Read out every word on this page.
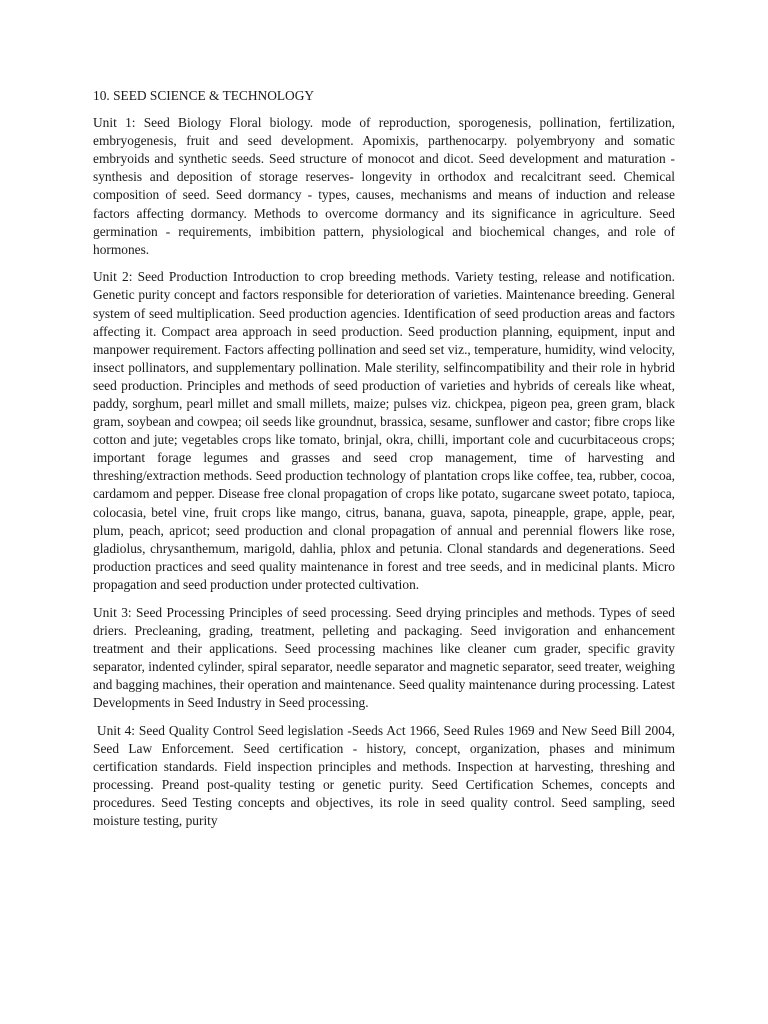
10. SEED SCIENCE & TECHNOLOGY

Unit 1: Seed Biology Floral biology. mode of reproduction, sporogenesis, pollination, fertilization, embryogenesis, fruit and seed development. Apomixis, parthenocarpy. polyembryony and somatic embryoids and synthetic seeds. Seed structure of monocot and dicot. Seed development and maturation - synthesis and deposition of storage reserves- longevity in orthodox and recalcitrant seed. Chemical composition of seed. Seed dormancy - types, causes, mechanisms and means of induction and release factors affecting dormancy. Methods to overcome dormancy and its significance in agriculture. Seed germination - requirements, imbibition pattern, physiological and biochemical changes, and role of hormones.

Unit 2: Seed Production Introduction to crop breeding methods. Variety testing, release and notification. Genetic purity concept and factors responsible for deterioration of varieties. Maintenance breeding. General system of seed multiplication. Seed production agencies. Identification of seed production areas and factors affecting it. Compact area approach in seed production. Seed production planning, equipment, input and manpower requirement. Factors affecting pollination and seed set viz., temperature, humidity, wind velocity, insect pollinators, and supplementary pollination. Male sterility, selfincompatibility and their role in hybrid seed production. Principles and methods of seed production of varieties and hybrids of cereals like wheat, paddy, sorghum, pearl millet and small millets, maize; pulses viz. chickpea, pigeon pea, green gram, black gram, soybean and cowpea; oil seeds like groundnut, brassica, sesame, sunflower and castor; fibre crops like cotton and jute; vegetables crops like tomato, brinjal, okra, chilli, important cole and cucurbitaceous crops; important forage legumes and grasses and seed crop management, time of harvesting and threshing/extraction methods. Seed production technology of plantation crops like coffee, tea, rubber, cocoa, cardamom and pepper. Disease free clonal propagation of crops like potato, sugarcane sweet potato, tapioca, colocasia, betel vine, fruit crops like mango, citrus, banana, guava, sapota, pineapple, grape, apple, pear, plum, peach, apricot; seed production and clonal propagation of annual and perennial flowers like rose, gladiolus, chrysanthemum, marigold, dahlia, phlox and petunia. Clonal standards and degenerations. Seed production practices and seed quality maintenance in forest and tree seeds, and in medicinal plants. Micro propagation and seed production under protected cultivation.

Unit 3: Seed Processing Principles of seed processing. Seed drying principles and methods. Types of seed driers. Precleaning, grading, treatment, pelleting and packaging. Seed invigoration and enhancement treatment and their applications. Seed processing machines like cleaner cum grader, specific gravity separator, indented cylinder, spiral separator, needle separator and magnetic separator, seed treater, weighing and bagging machines, their operation and maintenance. Seed quality maintenance during processing. Latest Developments in Seed Industry in Seed processing.

Unit 4: Seed Quality Control Seed legislation -Seeds Act 1966, Seed Rules 1969 and New Seed Bill 2004, Seed Law Enforcement. Seed certification - history, concept, organization, phases and minimum certification standards. Field inspection principles and methods. Inspection at harvesting, threshing and processing. Preand post-quality testing or genetic purity. Seed Certification Schemes, concepts and procedures. Seed Testing concepts and objectives, its role in seed quality control. Seed sampling, seed moisture testing, purity
